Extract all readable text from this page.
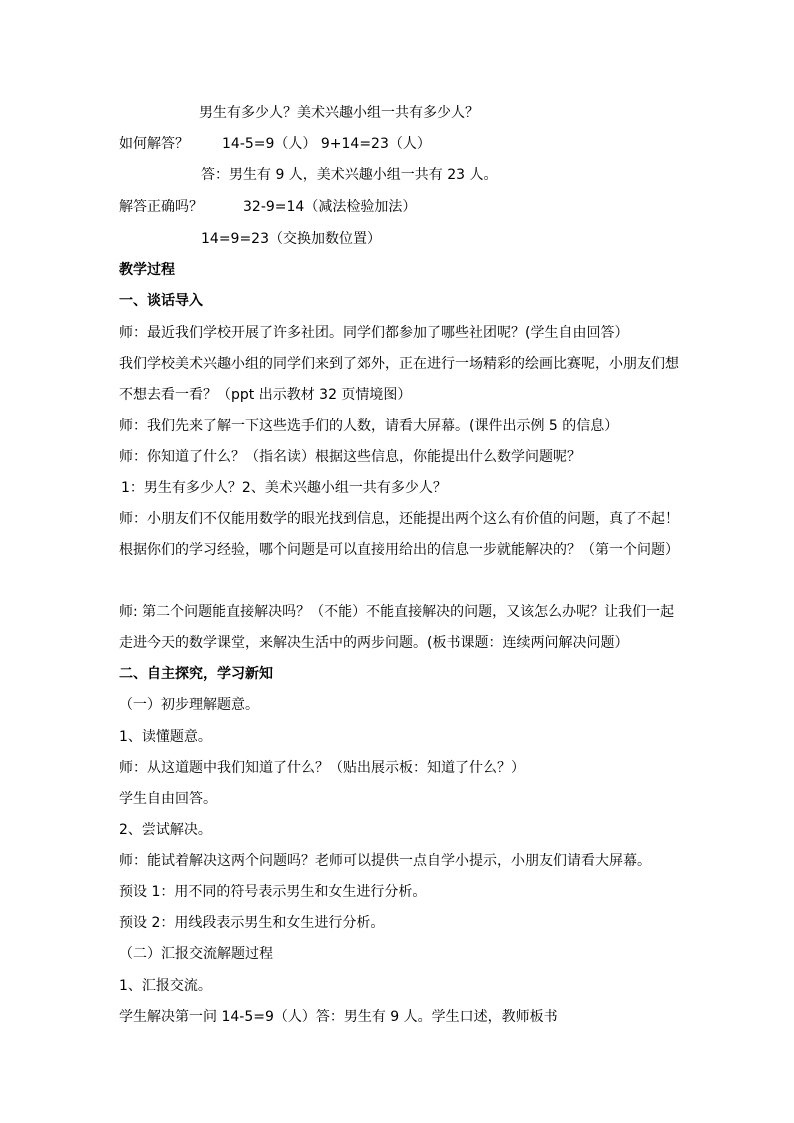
男生有多少人？美术兴趣小组一共有多少人？
如何解答？ 14-5=9（人） 9+14=23（人）
答：男生有 9 人，美术兴趣小组一共有 23 人。
解答正确吗？	32-9=14（减法检验加法）
14=9=23（交换加数位置）
教学过程
一、谈话导入
师：最近我们学校开展了许多社团。同学们都参加了哪些社团呢？(学生自由回答）
我们学校美术兴趣小组的同学们来到了郊外，正在进行一场精彩的绘画比赛呢，小朋友们想
不想去看一看？（ppt 出示教材 32 页情境图）
师：我们先来了解一下这些选手们的人数，请看大屏幕。(课件出示例 5 的信息）
师：你知道了什么？（指名读）根据这些信息，你能提出什么数学问题呢？
1：男生有多少人？2、美术兴趣小组一共有多少人？
师：小朋友们不仅能用数学的眼光找到信息，还能提出两个这么有价值的问题，真了不起！
根据你们的学习经验，哪个问题是可以直接用给出的信息一步就能解决的？（第一个问题）
师: 第二个问题能直接解决吗？（不能）不能直接解决的问题，又该怎么办呢？让我们一起
走进今天的数学课堂，来解决生活中的两步问题。(板书课题：连续两问解决问题）
二、自主探究，学习新知
（一）初步理解题意。
1、读懂题意。
师：从这道题中我们知道了什么？（贴出展示板：知道了什么？）
学生自由回答。
2、尝试解决。
师：能试着解决这两个问题吗？老师可以提供一点自学小提示，小朋友们请看大屏幕。
预设 1：用不同的符号表示男生和女生进行分析。
预设 2：用线段表示男生和女生进行分析。
（二）汇报交流解题过程
1、汇报交流。
学生解决第一问 14-5=9（人）答：男生有 9 人。学生口述，教师板书
